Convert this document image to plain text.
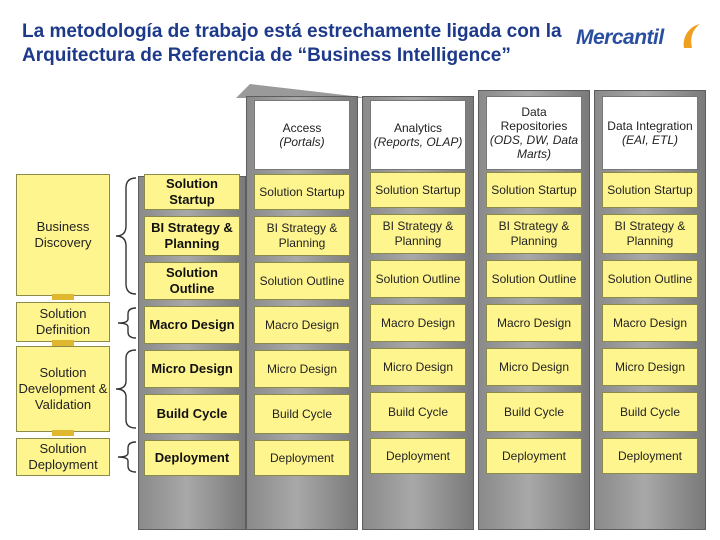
La metodología de trabajo está estrechamente ligada con la Arquitectura de Referencia de “Business Intelligence”
Mercantil
Access
(Portals)
Analytics
(Reports, OLAP)
Data Repositories
(ODS, DW, Data Marts)
Data Integration
(EAI, ETL)
Business Discovery
Solution Definition
Solution Development & Validation
Solution Deployment
Solution Startup
BI Strategy & Planning
Solution Outline
Macro Design
Micro Design
Build Cycle
Deployment
Solution Startup
BI Strategy & Planning
Solution Outline
Macro Design
Micro Design
Build Cycle
Deployment
Solution Startup
BI Strategy & Planning
Solution Outline
Macro Design
Micro Design
Build Cycle
Deployment
Solution Startup
BI Strategy & Planning
Solution Outline
Macro Design
Micro Design
Build Cycle
Deployment
Solution Startup
BI Strategy & Planning
Solution Outline
Macro Design
Micro Design
Build Cycle
Deployment
